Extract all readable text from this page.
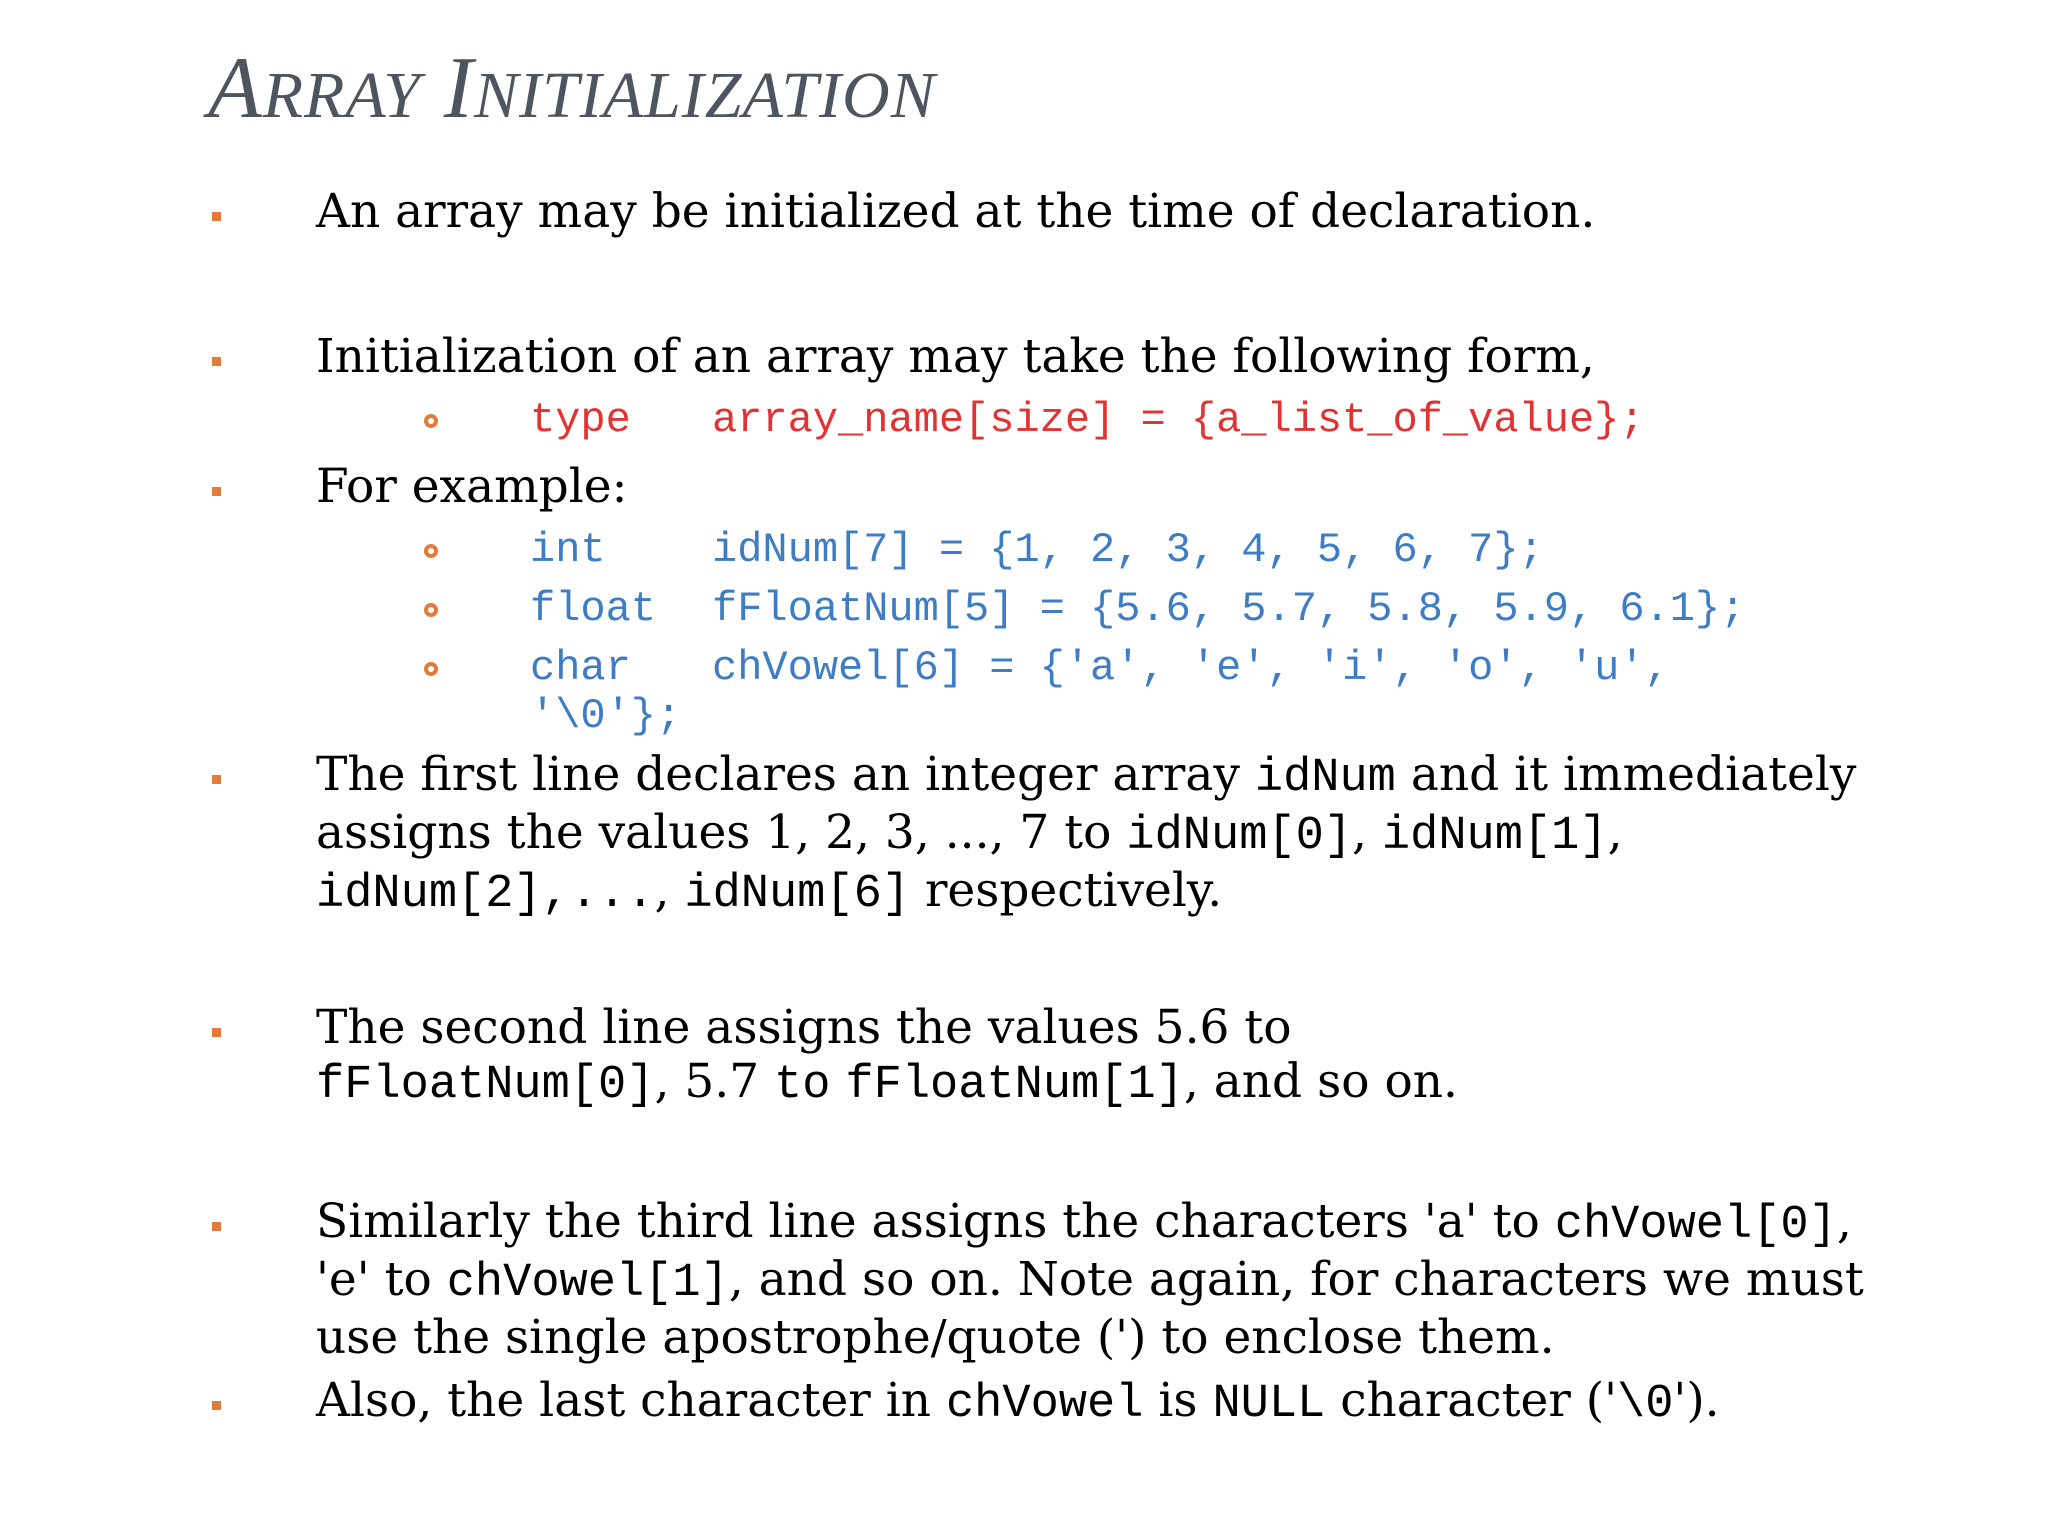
ARRAY INITIALIZATION
An array may be initialized at the time of declaration.
Initialization of an array may take the following form,
type array_name[size] = {a_list_of_value};
For example:
int	idNum[7] = {1, 2, 3, 4, 5, 6, 7};
float fFloatNum[5] = {5.6, 5.7, 5.8, 5.9, 6.1};
char chVowel[6] = {'a', 'e', 'i', 'o', 'u',
'\0'};
The first line declares an integer array idNum and it immediately
assigns the values 1, 2, 3, ..., 7 to idNum[0], idNum[1],
idNum[2],..., idNum[6] respectively.
The second line assigns the values 5.6 to
fFloatNum[0], 5.7 to fFloatNum[1], and so on.
Similarly the third line assigns the characters 'a' to chVowel[0],
'e' to chVowel[1], and so on. Note again, for characters we must
use the single apostrophe/quote (') to enclose them.
Also, the last character in chVowel is NULL character ('\0').
